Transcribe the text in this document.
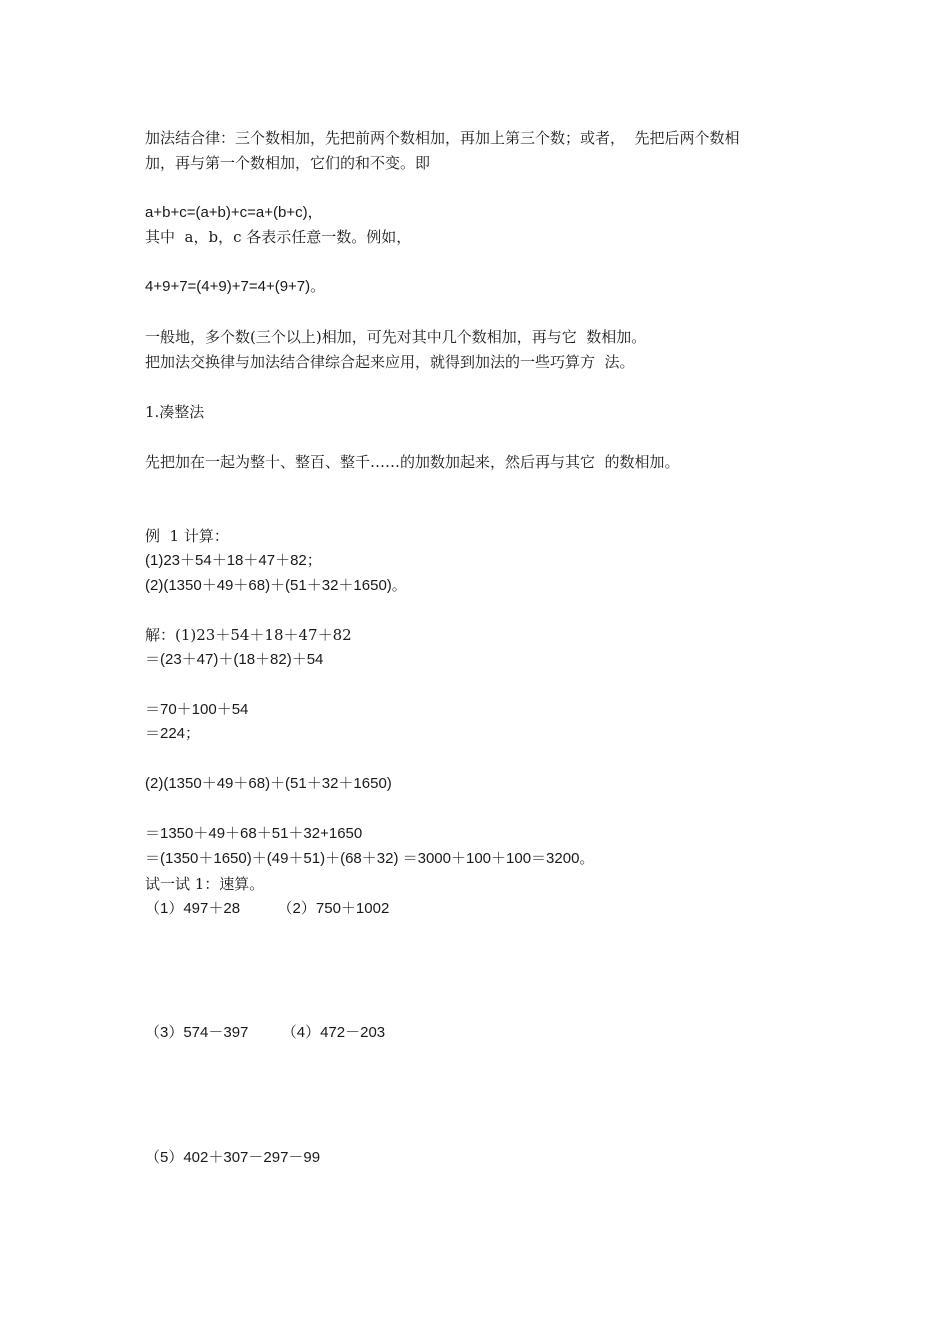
加法结合律：三个数相加，先把前两个数相加，再加上第三个数；或者，  先把后两个数相
加，再与第一个数相加，它们的和不变。即
a+b+c=(a+b)+c=a+(b+c)，
其中  a，b，c 各表示任意一数。例如，
4+9+7=(4+9)+7=4+(9+7)。
一般地，多个数(三个以上)相加，可先对其中几个数相加，再与它  数相加。
把加法交换律与加法结合律综合起来应用，就得到加法的一些巧算方  法。
1.凑整法
先把加在一起为整十、整百、整千……的加数加起来，然后再与其它  的数相加。
例  1 计算：
(1)23＋54＋18＋47＋82；
(2)(1350＋49＋68)＋(51＋32＋1650)。
解：(1)23＋54＋18＋47＋82
＝(23＋47)＋(18＋82)＋54
＝70＋100＋54
＝224；
(2)(1350＋49＋68)＋(51＋32＋1650)
＝1350＋49＋68＋51＋32+1650
＝(1350＋1650)＋(49＋51)＋(68＋32) ＝3000＋100＋100＝3200。
试一试 1：速算。
（1）497＋28         （2）750＋1002
（3）574－397        （4）472－203
（5）402＋307－297－99
